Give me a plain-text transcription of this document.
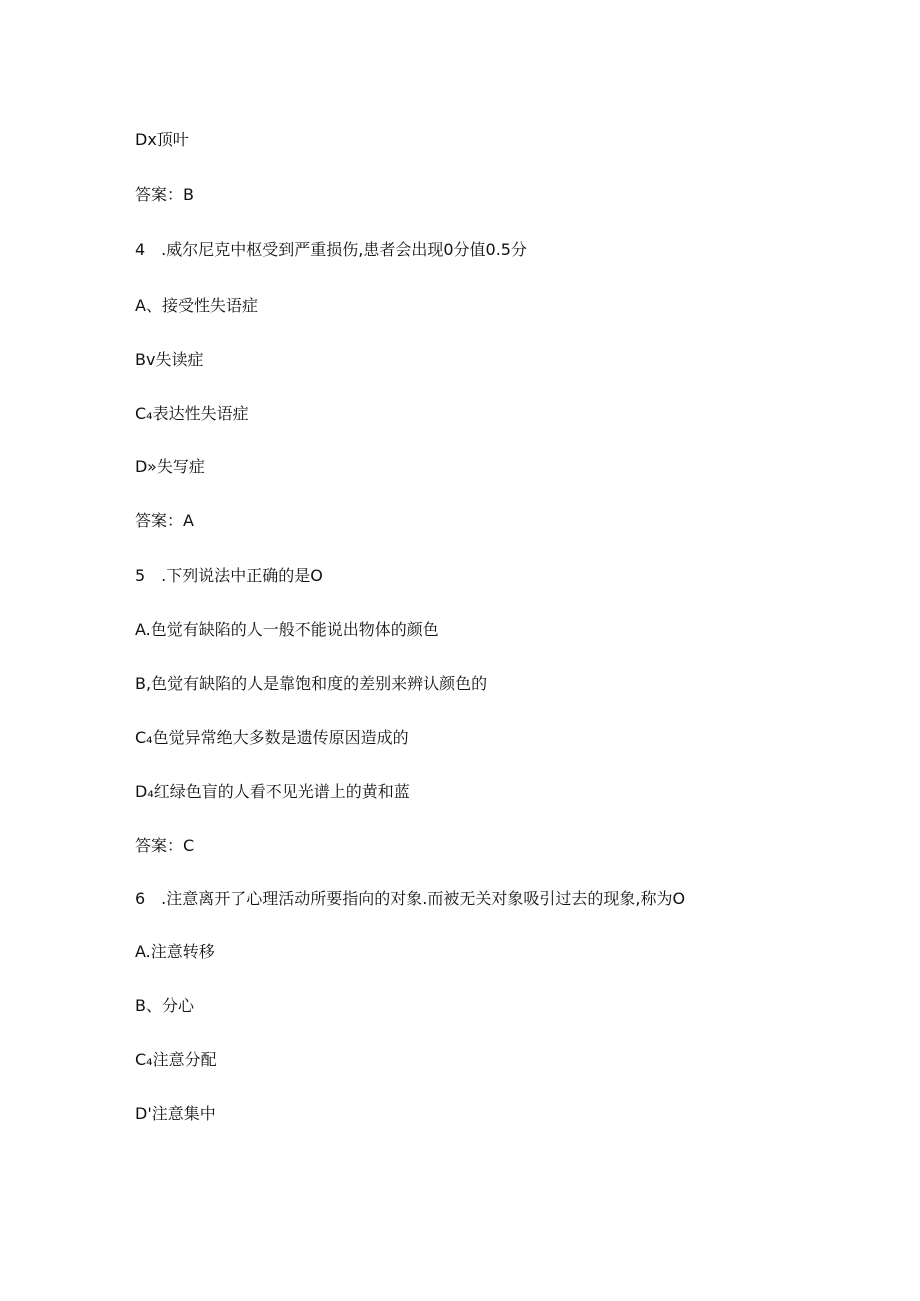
Dx顶叶
答案：B
4　.威尔尼克中枢受到严重损伤,患者会出现0分值0.5分
A、接受性失语症
Bv失读症
C₄表达性失语症
D»失写症
答案：A
5　.下列说法中正确的是O
A.色觉有缺陷的人一般不能说出物体的颜色
B,色觉有缺陷的人是靠饱和度的差别来辨认颜色的
C₄色觉异常绝大多数是遗传原因造成的
D₄红绿色盲的人看不见光谱上的黄和蓝
答案：C
6　.注意离开了心理活动所要指向的对象.而被无关对象吸引过去的现象,称为O
A.注意转移
B、分心
C₄注意分配
D'注意集中
